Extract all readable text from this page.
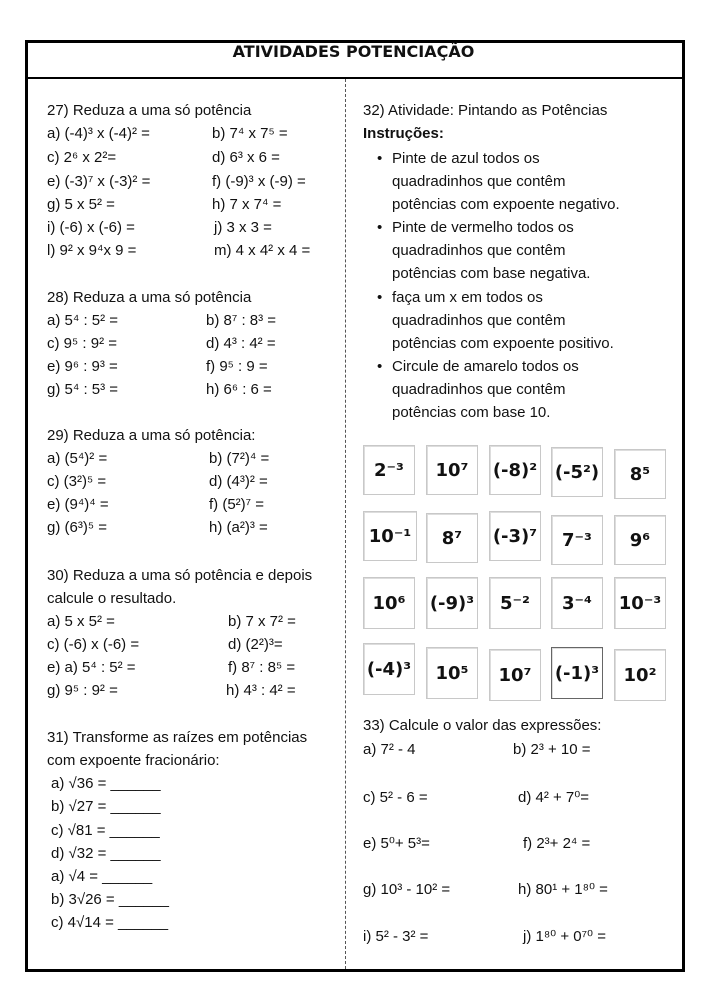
ATIVIDADES POTENCIAÇÃO
27) Reduza a uma só potência
a) (-4)³ x (-4)² =	b) 7⁴ x 7⁵ =
c) 2⁶ x 2²=	d) 6³ x 6 =
e) (-3)⁷ x (-3)² =	f) (-9)³ x (-9) =
g) 5 x 5² =	h) 7 x 7⁴ =
i) (-6) x (-6) =	j) 3 x 3 =
l) 9² x 9⁴x 9 =	m) 4 x 4² x 4 =
28) Reduza a uma só potência
a) 5⁴ : 5² =	b) 8⁷ : 8³ =
c) 9⁵ : 9² =	d) 4³ : 4² =
e) 9⁶ : 9³ =	f) 9⁵ : 9 =
g) 5⁴ : 5³ =	h) 6⁶ : 6 =
29) Reduza a uma só potência:
a) (5⁴)² =	b) (7²)⁴ =
c) (3²)⁵ =	d) (4³)² =
e) (9⁴)⁴ =	f) (5²)⁷ =
g) (6³)⁵ =	h) (a²)³ =
30) Reduza a uma só potência e depois
calcule o resultado.
a) 5 x 5² =	b) 7 x 7² =
c) (-6) x (-6) =	d) (2²)³=
e) a) 5⁴ : 5² =	f) 8⁷ : 8⁵ =
g) 9⁵ : 9² =	h) 4³ : 4² =
31) Transforme as raízes em potências
com expoente fracionário:
a) √36 = ______
b) √27 = ______
c) √81 = ______
d) √32 = ______
a) √4 = ______
b) 3√26 = ______
c) 4√14 = ______
32) Atividade: Pintando as Potências
Instruções:
• Pinte de azul todos os
quadradinhos que contêm
potências com expoente negativo.
• Pinte de vermelho todos os
quadradinhos que contêm
potências com base negativa.
• faça um x em todos os
quadradinhos que contêm
potências com expoente positivo.
• Circule de amarelo todos os
quadradinhos que contêm
potências com base 10.
2⁻³	10⁷	(-8)² (-5²)	8⁵
10⁻¹	8⁷	(-3)⁷	7⁻³	9⁶
10⁶	(-9)³	5⁻²	3⁻⁴	10⁻³
(-4)³	10⁵	10⁷	(-1)³	10²
33) Calcule o valor das expressões:
a) 7² - 4	b) 2³ + 10 =
c) 5² - 6 =	d) 4² + 7⁰=
e) 5⁰+ 5³=	f) 2³+ 2⁴ =
g) 10³ - 10² =	h) 80¹ + 1⁸⁰ =
i) 5² - 3² =	j) 1⁸⁰ + 0⁷⁰ =
